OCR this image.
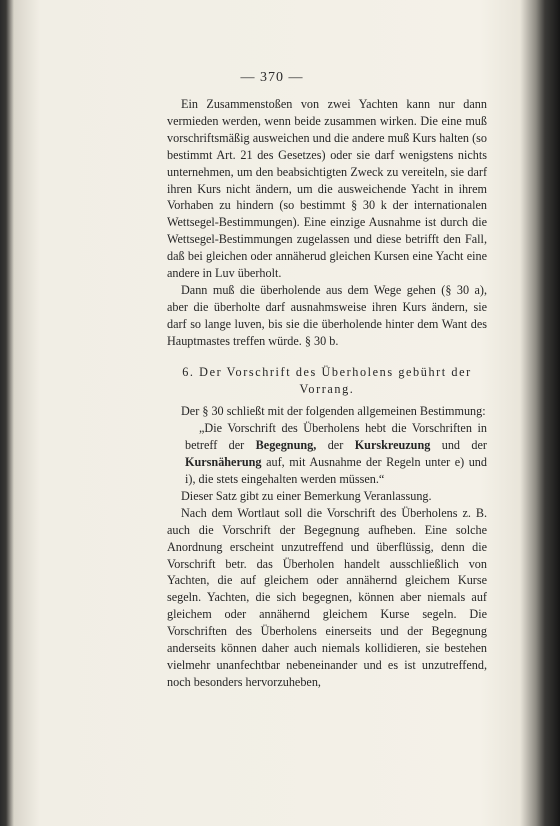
— 370 —

Ein Zusammenstoßen von zwei Yachten kann nur dann vermieden werden, wenn beide zusammen wirken. Die eine muß vorschriftsmäßig ausweichen und die andere muß Kurs halten (so bestimmt Art. 21 des Gesetzes) oder sie darf wenigstens nichts unternehmen, um den beabsichtigten Zweck zu vereiteln, sie darf ihren Kurs nicht ändern, um die ausweichende Yacht in ihrem Vorhaben zu hindern (so bestimmt § 30 k der internationalen Wettsegel-Bestimmungen). Eine einzige Ausnahme ist durch die Wettsegel-Bestimmungen zugelassen und diese betrifft den Fall, daß bei gleichen oder annäherud gleichen Kursen eine Yacht eine andere in Luv überholt.

Dann muß die überholende aus dem Wege gehen (§ 30 a), aber die überholte darf ausnahmsweise ihren Kurs ändern, sie darf so lange luven, bis sie die überholende hinter dem Want des Hauptmastes treffen würde. § 30 b.

6. Der Vorschrift des Überholens gebührt der Vorrang.

Der § 30 schließt mit der folgenden allgemeinen Bestimmung:

„Die Vorschrift des Überholens hebt die Vorschriften in betreff der Begegnung, der Kurskreuzung und der Kursnäherung auf, mit Ausnahme der Regeln unter e) und i), die stets eingehalten werden müssen.“

Dieser Satz gibt zu einer Bemerkung Veranlassung.

Nach dem Wortlaut soll die Vorschrift des Überholens z. B. auch die Vorschrift der Begegnung aufheben. Eine solche Anordnung erscheint unzutreffend und überflüssig, denn die Vorschrift betr. das Überholen handelt ausschließlich von Yachten, die auf gleichem oder annähernd gleichem Kurse segeln. Yachten, die sich begegnen, können aber niemals auf gleichem oder annähernd gleichem Kurse segeln. Die Vorschriften des Überholens einerseits und der Begegnung anderseits können daher auch niemals kollidieren, sie bestehen vielmehr unanfechtbar nebeneinander und es ist unzutreffend, noch besonders hervorzuheben,
